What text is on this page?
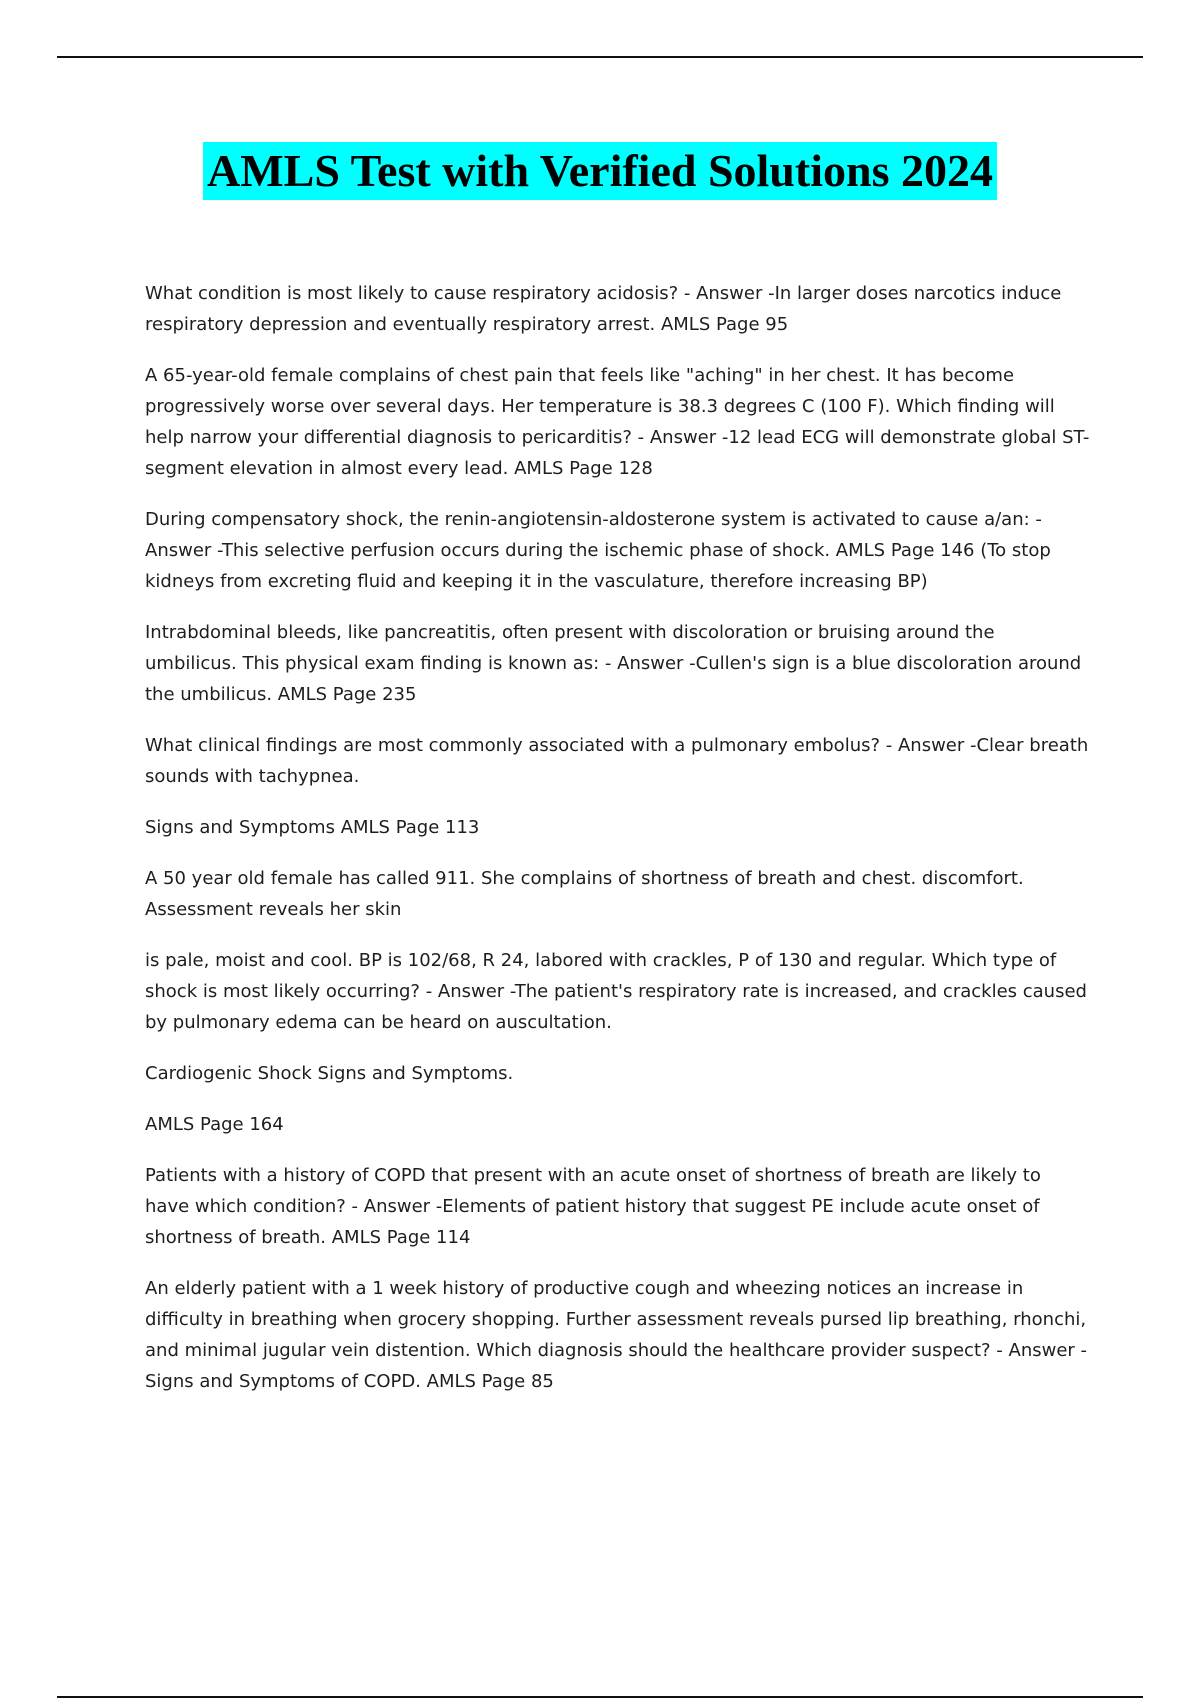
AMLS Test with Verified Solutions 2024

What condition is most likely to cause respiratory acidosis? - Answer -In larger doses narcotics induce respiratory depression and eventually respiratory arrest. AMLS Page 95

A 65-year-old female complains of chest pain that feels like "aching" in her chest. It has become progressively worse over several days. Her temperature is 38.3 degrees C (100 F). Which finding will help narrow your differential diagnosis to pericarditis? - Answer -12 lead ECG will demonstrate global ST-segment elevation in almost every lead. AMLS Page 128

During compensatory shock, the renin-angiotensin-aldosterone system is activated to cause a/an: - Answer -This selective perfusion occurs during the ischemic phase of shock. AMLS Page 146 (To stop kidneys from excreting fluid and keeping it in the vasculature, therefore increasing BP)

Intrabdominal bleeds, like pancreatitis, often present with discoloration or bruising around the umbilicus. This physical exam finding is known as: - Answer -Cullen's sign is a blue discoloration around the umbilicus. AMLS Page 235

What clinical findings are most commonly associated with a pulmonary embolus? - Answer -Clear breath sounds with tachypnea.

Signs and Symptoms AMLS Page 113

A 50 year old female has called 911. She complains of shortness of breath and chest. discomfort. Assessment reveals her skin

is pale, moist and cool. BP is 102/68, R 24, labored with crackles, P of 130 and regular. Which type of shock is most likely occurring? - Answer -The patient's respiratory rate is increased, and crackles caused by pulmonary edema can be heard on auscultation.

Cardiogenic Shock Signs and Symptoms.

AMLS Page 164

Patients with a history of COPD that present with an acute onset of shortness of breath are likely to have which condition? - Answer -Elements of patient history that suggest PE include acute onset of shortness of breath. AMLS Page 114

An elderly patient with a 1 week history of productive cough and wheezing notices an increase in difficulty in breathing when grocery shopping. Further assessment reveals pursed lip breathing, rhonchi, and minimal jugular vein distention. Which diagnosis should the healthcare provider suspect? - Answer -Signs and Symptoms of COPD. AMLS Page 85
